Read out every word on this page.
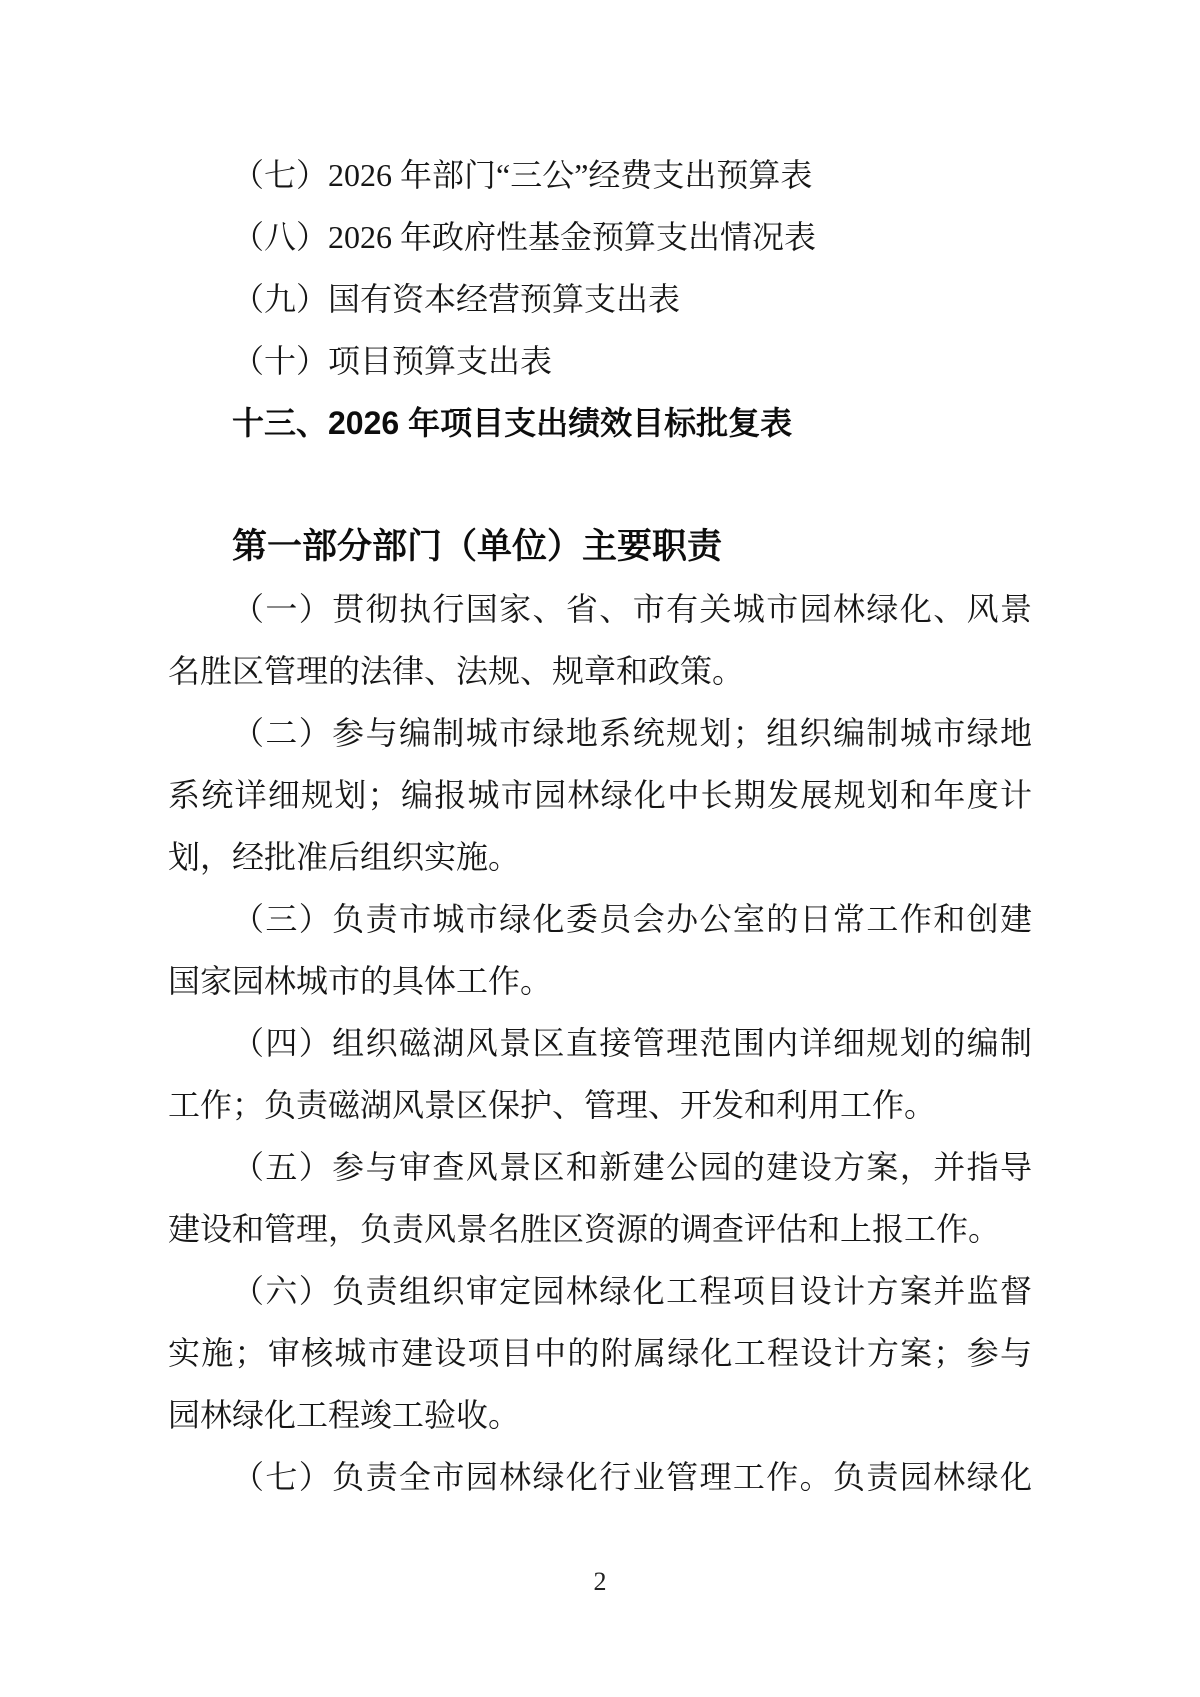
（七）2026 年部门“三公”经费支出预算表
（八）2026 年政府性基金预算支出情况表
（九）国有资本经营预算支出表
（十）项目预算支出表
十三、2026 年项目支出绩效目标批复表
第一部分部门（单位）主要职责
（一）贯彻执行国家、省、市有关城市园林绿化、风景
名胜区管理的法律、法规、规章和政策。
（二）参与编制城市绿地系统规划；组织编制城市绿地
系统详细规划；编报城市园林绿化中长期发展规划和年度计
划，经批准后组织实施。
（三）负责市城市绿化委员会办公室的日常工作和创建
国家园林城市的具体工作。
（四）组织磁湖风景区直接管理范围内详细规划的编制
工作；负责磁湖风景区保护、管理、开发和利用工作。
（五）参与审查风景区和新建公园的建设方案，并指导
建设和管理，负责风景名胜区资源的调查评估和上报工作。
（六）负责组织审定园林绿化工程项目设计方案并监督
实施；审核城市建设项目中的附属绿化工程设计方案；参与
园林绿化工程竣工验收。
（七）负责全市园林绿化行业管理工作。负责园林绿化
2
